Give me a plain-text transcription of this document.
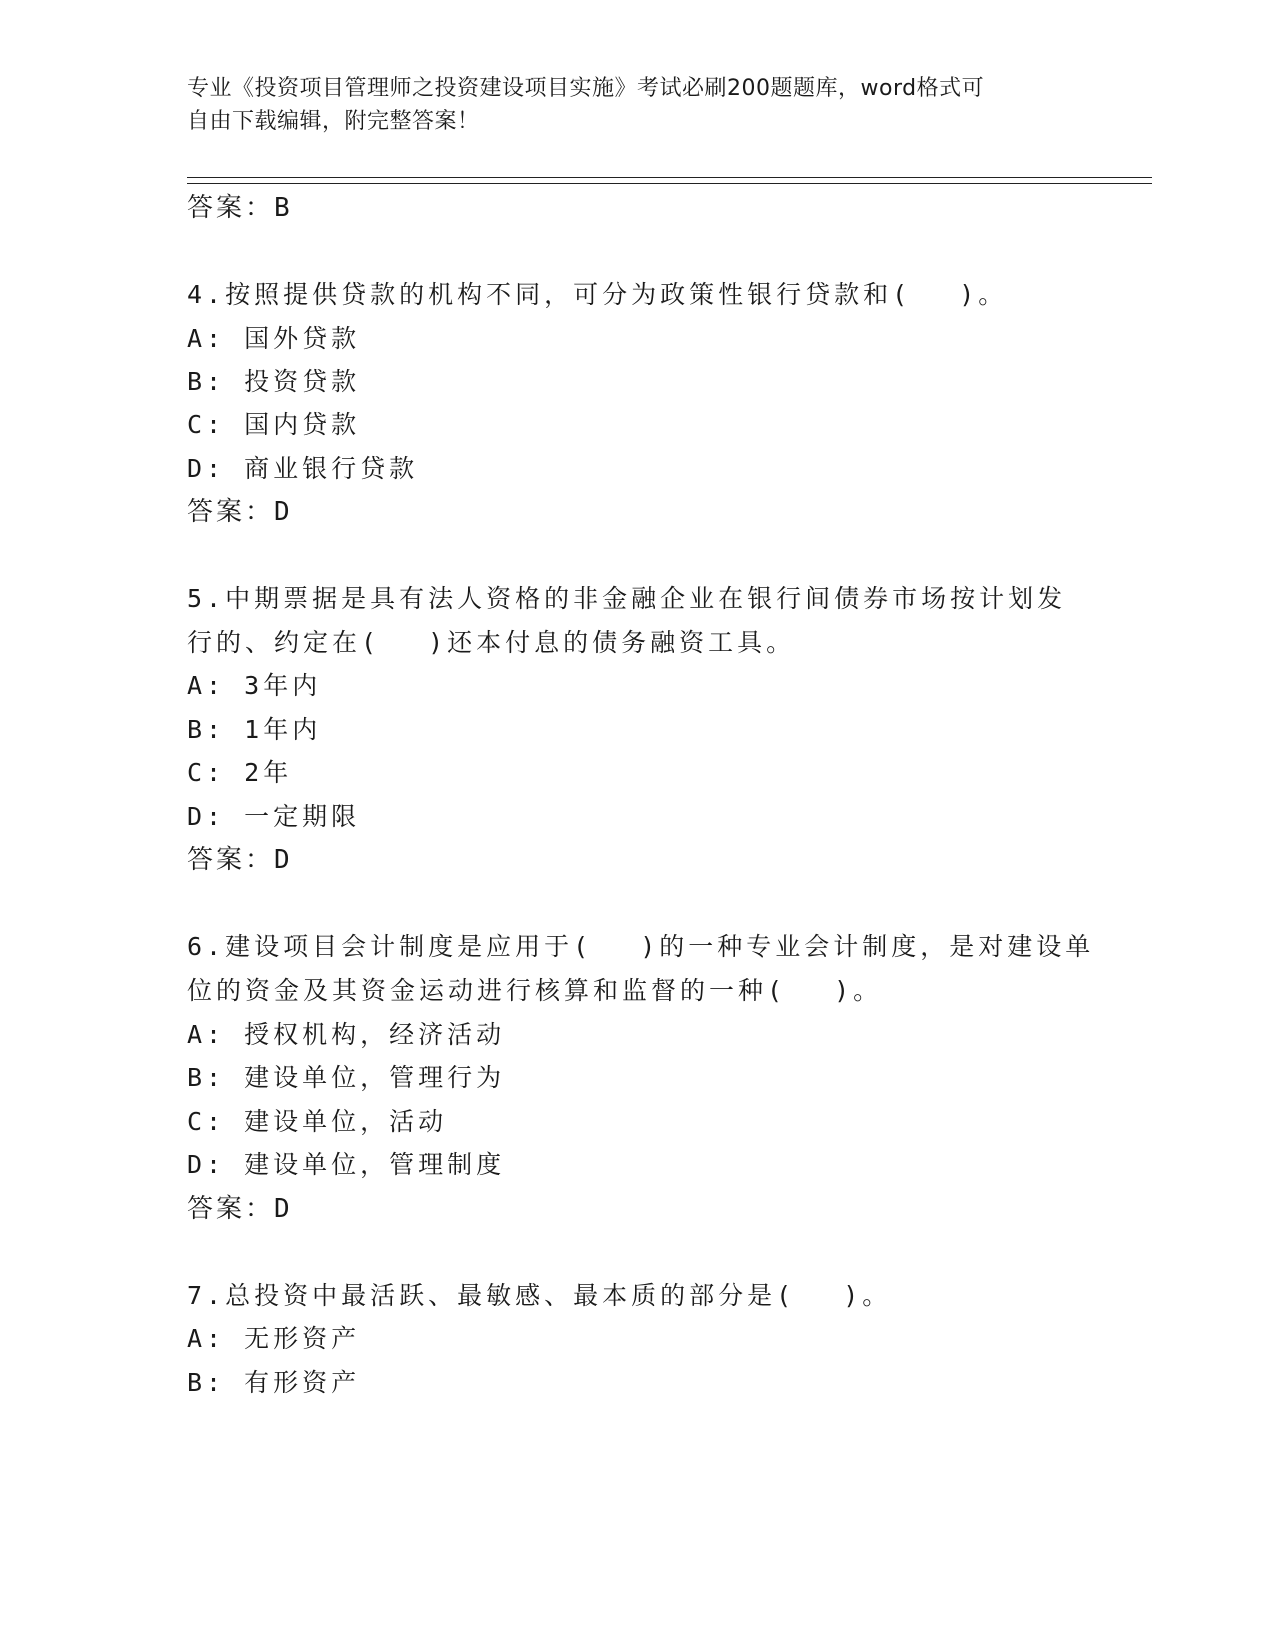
专业《投资项目管理师之投资建设项目实施》考试必刷200题题库，word格式可
自由下载编辑，附完整答案！
答案：B
4.按照提供贷款的机构不同，可分为政策性银行贷款和(　 )。
A: 国外贷款
B: 投资贷款
C: 国内贷款
D: 商业银行贷款
答案：D
5.中期票据是具有法人资格的非金融企业在银行间债券市场按计划发
行的、约定在(　 )还本付息的债务融资工具。
A: 3年内
B: 1年内
C: 2年
D: 一定期限
答案：D
6.建设项目会计制度是应用于(　 )的一种专业会计制度，是对建设单
位的资金及其资金运动进行核算和监督的一种(　 )。
A: 授权机构，经济活动
B: 建设单位，管理行为
C: 建设单位，活动
D: 建设单位，管理制度
答案：D
7.总投资中最活跃、最敏感、最本质的部分是(　 )。
A: 无形资产
B: 有形资产
